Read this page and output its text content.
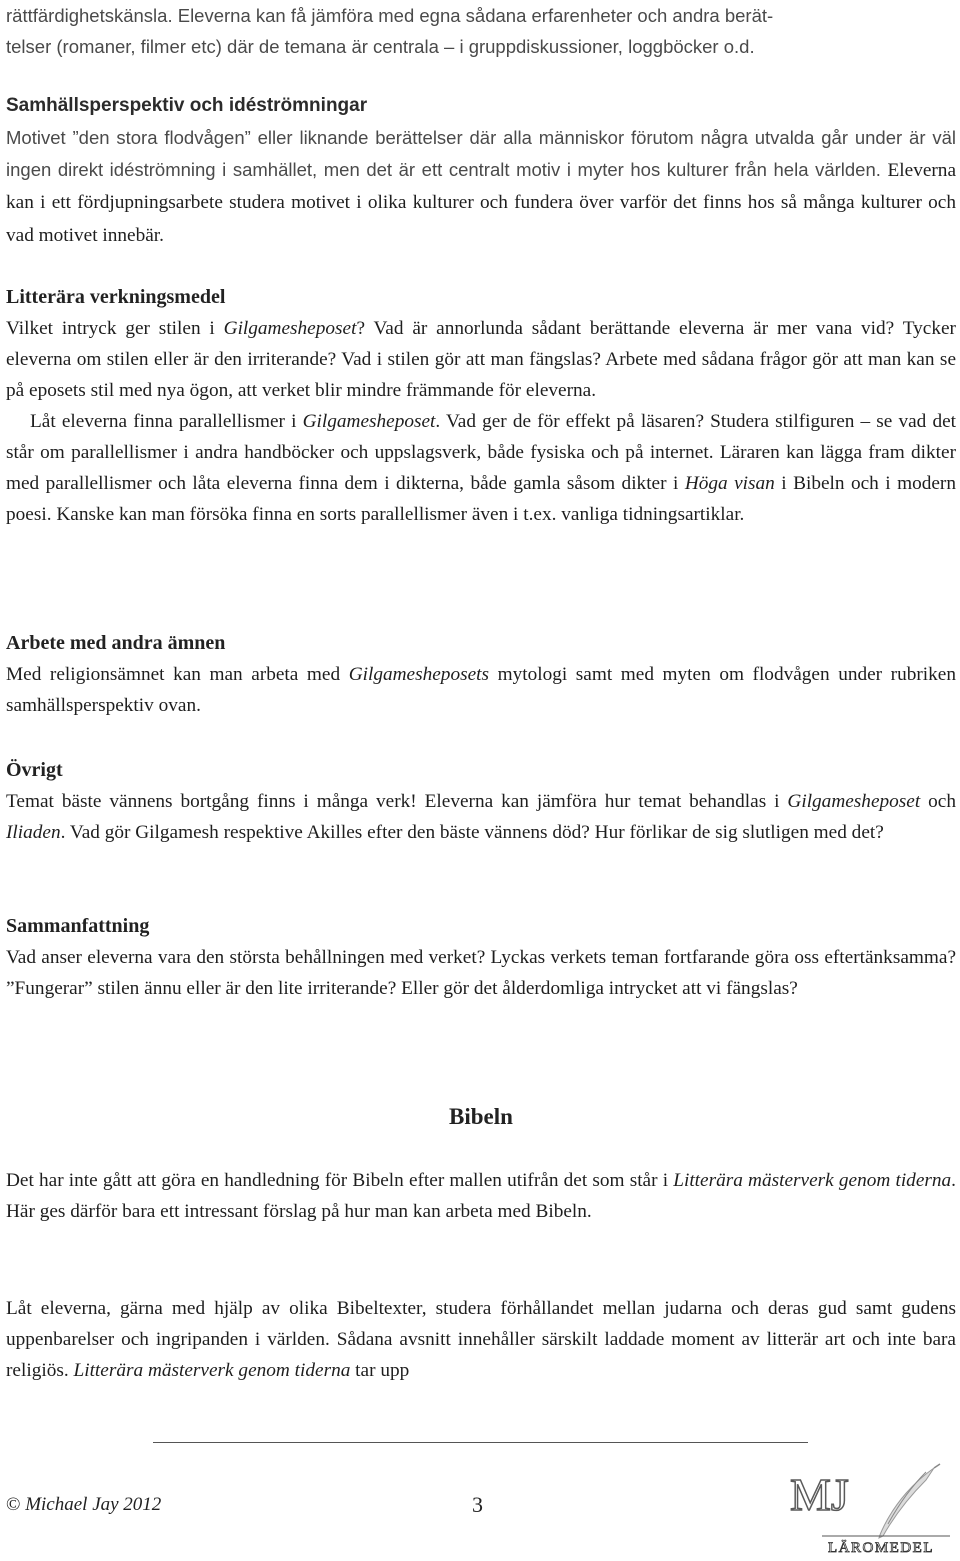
rättfärdighetskänsla. Eleverna kan få jämföra med egna sådana erfarenheter och andra berät-
telser (romaner, filmer etc) där de temana är centrala – i gruppdiskussioner, loggböcker o.d.

Samhällsperspektiv och idéströmningar

Motivet ”den stora flodvågen” eller liknande berättelser där alla människor förutom några utvalda går under är väl ingen direkt idéströmning i samhället, men det är ett centralt motiv i myter hos kulturer från hela världen. Eleverna kan i ett fördjupningsarbete studera motivet i olika kulturer och fundera över varför det finns hos så många kulturer och vad motivet innebär.

Litterära verkningsmedel

Vilket intryck ger stilen i Gilgamesheposet? Vad är annorlunda sådant berättande eleverna är mer vana vid? Tycker eleverna om stilen eller är den irriterande? Vad i stilen gör att man fängslas? Arbete med sådana frågor gör att man kan se på eposets stil med nya ögon, att verket blir mindre främmande för eleverna.

Låt eleverna finna parallellismer i Gilgamesheposet. Vad ger de för effekt på läsaren? Studera stilfiguren – se vad det står om parallellismer i andra handböcker och uppslagsverk, både fysiska och på internet. Läraren kan lägga fram dikter med parallellismer och låta eleverna finna dem i dikterna, både gamla såsom dikter i Höga visan i Bibeln och i modern poesi. Kanske kan man försöka finna en sorts parallellismer även i t.ex. vanliga tidningsartiklar.

Arbete med andra ämnen

Med religionsämnet kan man arbeta med Gilgamesheposets mytologi samt med myten om flodvågen under rubriken samhällsperspektiv ovan.

Övrigt

Temat bäste vännens bortgång finns i många verk! Eleverna kan jämföra hur temat behandlas i Gilgamesheposet och Iliaden. Vad gör Gilgamesh respektive Akilles efter den bäste vännens död? Hur förlikar de sig slutligen med det?

Sammanfattning

Vad anser eleverna vara den största behållningen med verket? Lyckas verkets teman fortfarande göra oss eftertänksamma? ”Fungerar” stilen ännu eller är den lite irriterande? Eller gör det ålderdomliga intrycket att vi fängslas?

Bibeln

Det har inte gått att göra en handledning för Bibeln efter mallen utifrån det som står i Litterära mästerverk genom tiderna. Här ges därför bara ett intressant förslag på hur man kan arbeta med Bibeln.

Låt eleverna, gärna med hjälp av olika Bibeltexter, studera förhållandet mellan judarna och deras gud samt gudens uppenbarelser och ingripanden i världen. Sådana avsnitt innehåller särskilt laddade moment av litterär art och inte bara religiös. Litterära mästerverk genom tiderna tar upp

© Michael Jay 2012	3	MJ
LÄROMEDEL
